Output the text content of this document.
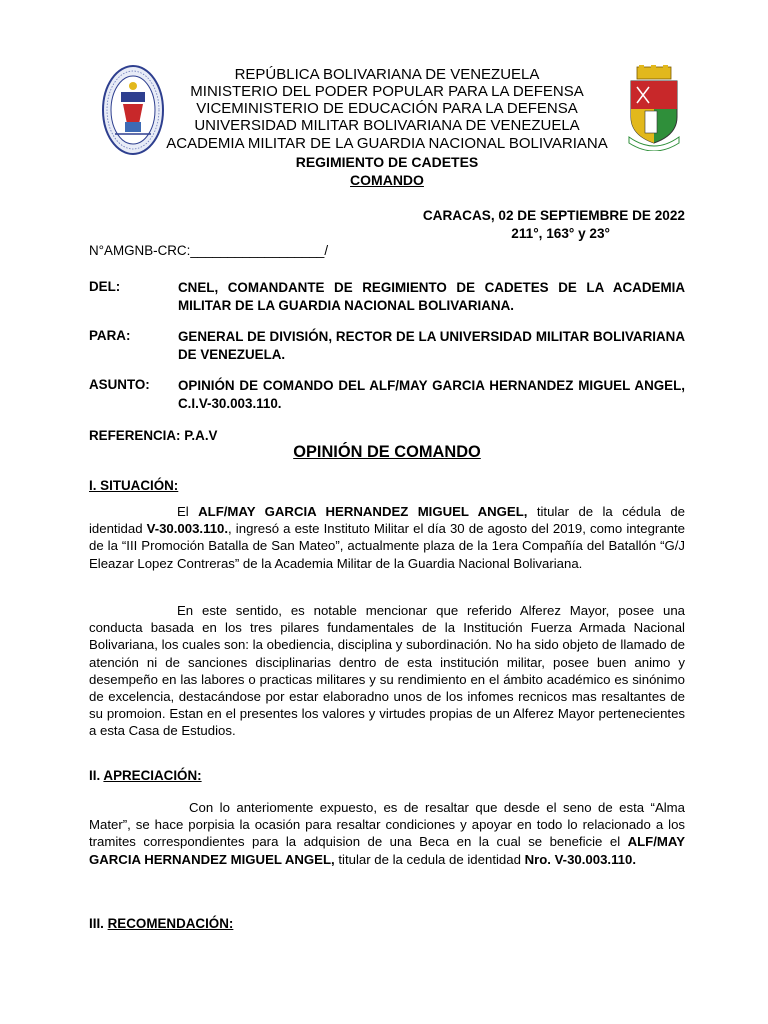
REPÚBLICA BOLIVARIANA DE VENEZUELA
MINISTERIO DEL PODER POPULAR PARA LA DEFENSA
VICEMINISTERIO DE EDUCACIÓN PARA LA DEFENSA
UNIVERSIDAD MILITAR BOLIVARIANA DE VENEZUELA
ACADEMIA MILITAR DE LA GUARDIA NACIONAL BOLIVARIANA
REGIMIENTO DE CADETES
COMANDO
CARACAS, 02 DE SEPTIEMBRE DE 2022
211°, 163° y 23°
N°AMGNB-CRC:__________________/
DEL:	CNEL, COMANDANTE DE REGIMIENTO DE CADETES DE LA ACADEMIA MILITAR DE LA GUARDIA NACIONAL BOLIVARIANA.
PARA:	GENERAL DE DIVISIÓN, RECTOR DE LA UNIVERSIDAD MILITAR BOLIVARIANA DE VENEZUELA.
ASUNTO: OPINIÓN DE COMANDO DEL ALF/MAY GARCIA HERNANDEZ MIGUEL ANGEL, C.I.V-30.003.110.
REFERENCIA: P.A.V
OPINIÓN DE COMANDO
I. SITUACIÓN:
El ALF/MAY GARCIA HERNANDEZ MIGUEL ANGEL, titular de la cédula de identidad V-30.003.110., ingresó a este Instituto Militar el día 30 de agosto del 2019, como integrante de la “III Promoción Batalla de San Mateo”, actualmente plaza de la 1era Compañía del Batallón “G/J Eleazar Lopez Contreras” de la Academia Militar de la Guardia Nacional Bolivariana.
En este sentido, es notable mencionar que referido Alferez Mayor, posee una conducta basada en los tres pilares fundamentales de la Institución Fuerza Armada Nacional Bolivariana, los cuales son: la obediencia, disciplina y subordinación. No ha sido objeto de llamado de atención ni de sanciones disciplinarias dentro de esta institución militar, posee buen animo y desempeño en las labores o practicas militares y su rendimiento en el ámbito académico es sinónimo de excelencia, destacándose por estar elaboradno unos de los infomes recnicos mas resaltantes de su promoion. Estan en el presentes los valores y virtudes propias de un Alferez Mayor pertenecientes a esta Casa de Estudios.
II. APRECIACIÓN:
Con lo anteriomente expuesto, es de resaltar que desde el seno de esta “Alma Mater”, se hace porpisia la ocasión para resaltar condiciones y apoyar en todo lo relacionado a los tramites correspondientes para la adquision de una Beca en la cual se beneficie el ALF/MAY GARCIA HERNANDEZ MIGUEL ANGEL, titular de la cedula de identidad Nro. V-30.003.110.
III. RECOMENDACIÓN:
